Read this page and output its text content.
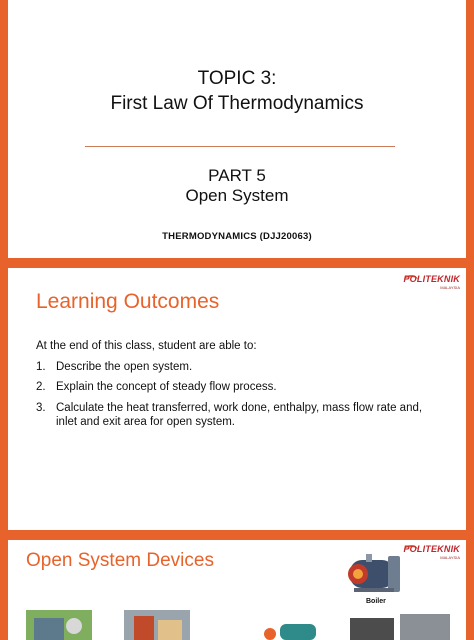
TOPIC 3:
First Law Of Thermodynamics
PART 5
Open System
THERMODYNAMICS (DJJ20063)
POLITEKNIK
MALAYSIA
Learning Outcomes
At the end of this class, student are able to:
1. Describe the open system.
2. Explain the concept of steady flow process.
3. Calculate the heat transferred, work done, enthalpy, mass flow rate and, inlet and exit area for open system.
POLITEKNIK
MALAYSIA
Open System Devices
Boiler
